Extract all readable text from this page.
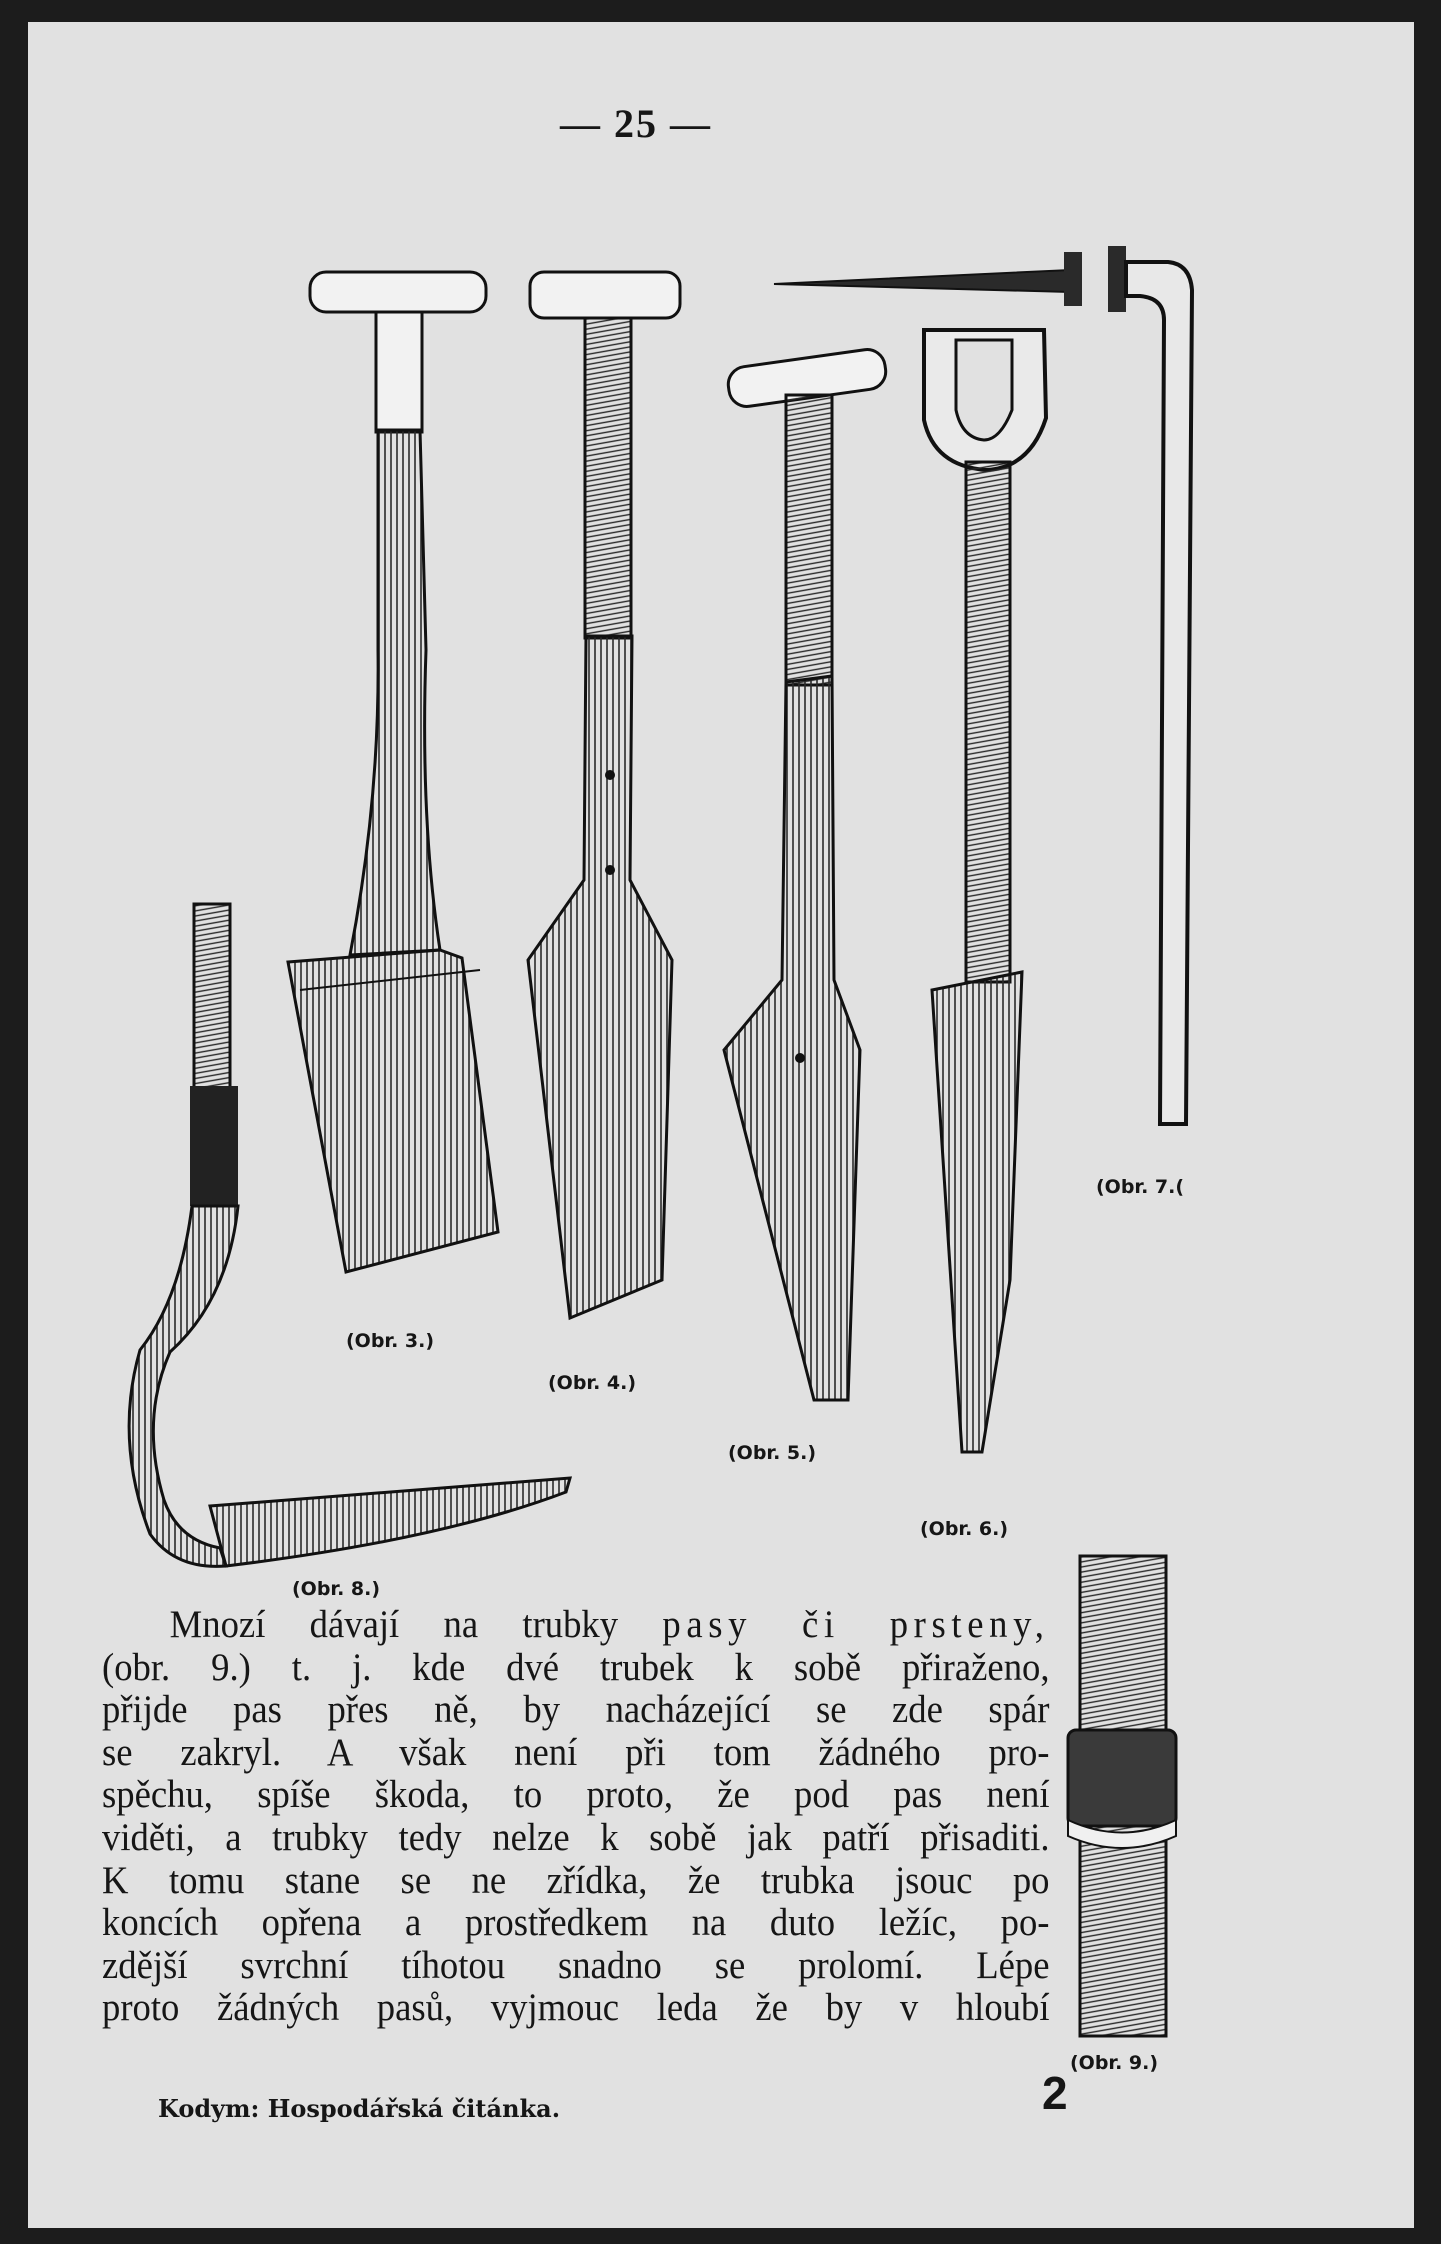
— 25 —
(Obr. 3.)
(Obr. 4.)
(Obr. 5.)
(Obr. 6.)
(Obr. 7.(
(Obr. 8.)
(Obr. 9.)
Mnozí dávají na trubky pasy či prsteny,
(obr. 9.) t. j. kde dvé trubek k sobě přiraženo,
přijde pas přes ně, by nacházející se zde spár
se zakryl. A však není při tom žádného pro-
spěchu, spíše škoda, to proto, že pod pas není
viděti, a trubky tedy nelze k sobě jak patří přisaditi.
K tomu stane se ne zřídka, že trubka jsouc po
koncích opřena a prostředkem na duto ležíc, po-
zdější svrchní tíhotou snadno se prolomí. Lépe
proto žádných pasů, vyjmouc leda že by v hloubí
Kodym: Hospodářská čitánka.	2
